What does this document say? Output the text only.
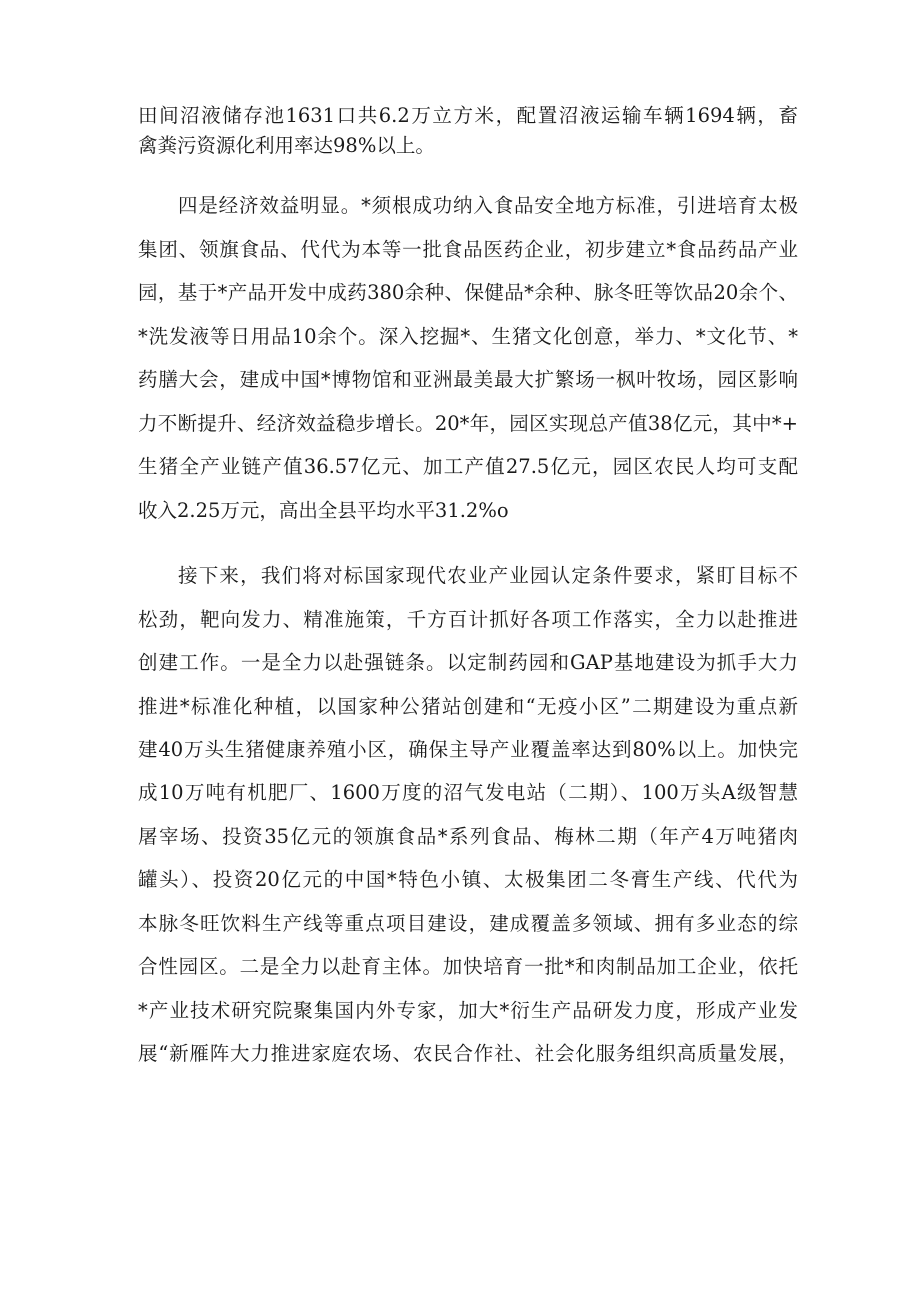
田间沼液储存池1631口共6.2万立方米，配置沼液运输车辆1694辆，畜
禽粪污资源化利用率达98%以上。
四是经济效益明显。*须根成功纳入食品安全地方标准，引进培育太极
集团、领旗食品、代代为本等一批食品医药企业，初步建立*食品药品产业
园，基于*产品开发中成药380余种、保健品*余种、脉冬旺等饮品20余个、
*洗发液等日用品10余个。深入挖掘*、生猪文化创意，举力、*文化节、*
药膳大会，建成中国*博物馆和亚洲最美最大扩繁场一枫叶牧场，园区影响
力不断提升、经济效益稳步增长。20*年，园区实现总产值38亿元，其中*+
生猪全产业链产值36.57亿元、加工产值27.5亿元，园区农民人均可支配
收入2.25万元，高出全县平均水平31.2%o
接下来，我们将对标国家现代农业产业园认定条件要求，紧盯目标不
松劲，靶向发力、精准施策，千方百计抓好各项工作落实，全力以赴推进
创建工作。一是全力以赴强链条。以定制药园和GAP基地建设为抓手大力
推进*标准化种植，以国家种公猪站创建和“无疫小区”二期建设为重点新
建40万头生猪健康养殖小区，确保主导产业覆盖率达到80%以上。加快完
成10万吨有机肥厂、1600万度的沼气发电站（二期）、100万头A级智慧
屠宰场、投资35亿元的领旗食品*系列食品、梅林二期（年产4万吨猪肉
罐头）、投资20亿元的中国*特色小镇、太极集团二冬膏生产线、代代为
本脉冬旺饮料生产线等重点项目建设，建成覆盖多领域、拥有多业态的综
合性园区。二是全力以赴育主体。加快培育一批*和肉制品加工企业，依托
*产业技术研究院聚集国内外专家，加大*衍生产品研发力度，形成产业发
展“新雁阵大力推进家庭农场、农民合作社、社会化服务组织高质量发展，
